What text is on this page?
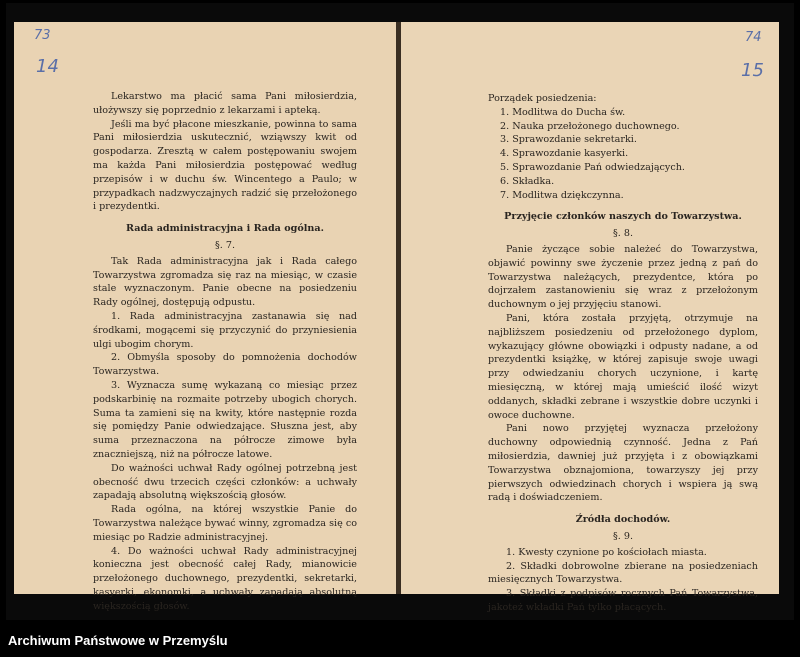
73
14

Lekarstwo ma płacić sama Pani miłosierdzia, ułożywszy się poprzednio z lekarzami i apteką.

Jeśli ma być płacone mieszkanie, powinna to sama Pani miłosierdzia uskutecznić, wziąwszy kwit od gospodarza. Zresztą w całem postępowaniu swojem ma każda Pani miłosierdzia postępować według przepisów i w duchu św. Wincentego a Paulo; w przypadkach nadzwyczajnych radzić się przełożonego i prezydentki.

Rada administracyjna i Rada ogólna.
§. 7.

Tak Rada administracyjna jak i Rada całego Towarzystwa zgromadza się raz na miesiąc, w czasie stale wyznaczonym. Panie obecne na posiedzeniu Rady ogólnej, dostępują odpustu.

1. Rada administracyjna zastanawia się nad środkami, mogącemi się przyczynić do przyniesienia ulgi ubogim chorym.

2. Obmyśla sposoby do pomnożenia dochodów Towarzystwa.

3. Wyznacza sumę wykazaną co miesiąc przez podskarbinię na rozmaite potrzeby ubogich chorych. Suma ta zamieni się na kwity, które następnie rozda się pomiędzy Panie odwiedzające. Słuszna jest, aby suma przeznaczona na półrocze zimowe była znaczniejszą, niż na półrocze latowe.

Do ważności uchwał Rady ogólnej potrzebną jest obecność dwu trzecich części członków: a uchwały zapadają absolutną większością głosów.

Rada ogólna, na której wszystkie Panie do Towarzystwa należące bywać winny, zgromadza się co miesiąc po Radzie administracyjnej.

4. Do ważności uchwał Rady administracyjnej konieczna jest obecność całej Rady, mianowicie przełożonego duchownego, prezydentki, sekretarki, kasyerki, ekonomki, a uchwały zapadają absolutną większością głosów.

74
15

Porządek posiedzenia:

1. Modlitwa do Ducha św.

2. Nauka przełożonego duchownego.

3. Sprawozdanie sekretarki.

4. Sprawozdanie kasyerki.

5. Sprawozdanie Pań odwiedzających.

6. Składka.

7. Modlitwa dziękczynna.

Przyjęcie członków naszych do Towarzystwa.
§. 8.

Panie życzące sobie należeć do Towarzystwa, objawić powinny swe życzenie przez jedną z pań do Towarzystwa należących, prezydentce, która po dojrzałem zastanowieniu się wraz z przełożonym duchownym o jej przyjęciu stanowi.

Pani, która została przyjętą, otrzymuje na najbliższem posiedzeniu od przełożonego dyplom, wykazujący główne obowiązki i odpusty nadane, a od prezydentki książkę, w której zapisuje swoje uwagi przy odwiedzaniu chorych uczynione, i kartę miesięczną, w której mają umieścić ilość wizyt oddanych, składki zebrane i wszystkie dobre uczynki i owoce duchowne.

Pani nowo przyjętej wyznacza przełożony duchowny odpowiednią czynność. Jedna z Pań miłosierdzia, dawniej już przyjęta i z obowiązkami Towarzystwa obznajomiona, towarzyszy jej przy pierwszych odwiedzinach chorych i wspiera ją swą radą i doświadczeniem.

Źródła dochodów.
§. 9.

1. Kwesty czynione po kościołach miasta.

2. Składki dobrowolne zbierane na posiedzeniach miesięcznych Towarzystwa.

3. Składki z podpisów rocznych Pań Towarzystwa, jakoteż wkładki Pań tylko płacących.

Archiwum Państwowe w Przemyślu
